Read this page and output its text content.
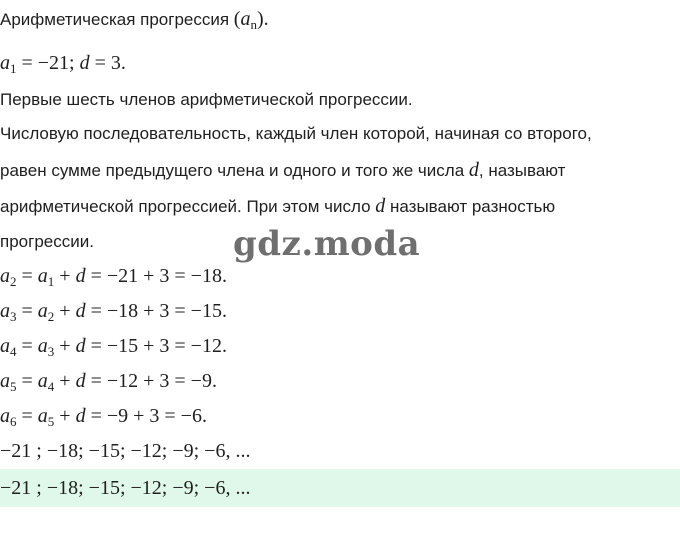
Арифметическая прогрессия $(a_n)$.
$a_1 = -21$; d = 3.
Первые шесть членов арифметической прогрессии.
Числовую последовательность, каждый член которой, начиная со второго,
равен сумме предыдущего члена и одного и того же числа d, называют
арифметической прогрессией. При этом число d называют разностью
прогрессии.	gdz.moda
$a_2 = a_1 + d = -21 + 3 = -18$.
$a_3 = a_2 + d = -18 + 3 = -15$.
$a_4 = a_3 + d = -15 + 3 = -12$.
$a_5 = a_4 + d = -12 + 3 = -9$.
$a_6 = a_5 + d = -9 + 3 = -6$.
−21 ; −18; −15; −12; −9; −6, ...
−21 ; −18; −15; −12; −9; −6, ...
